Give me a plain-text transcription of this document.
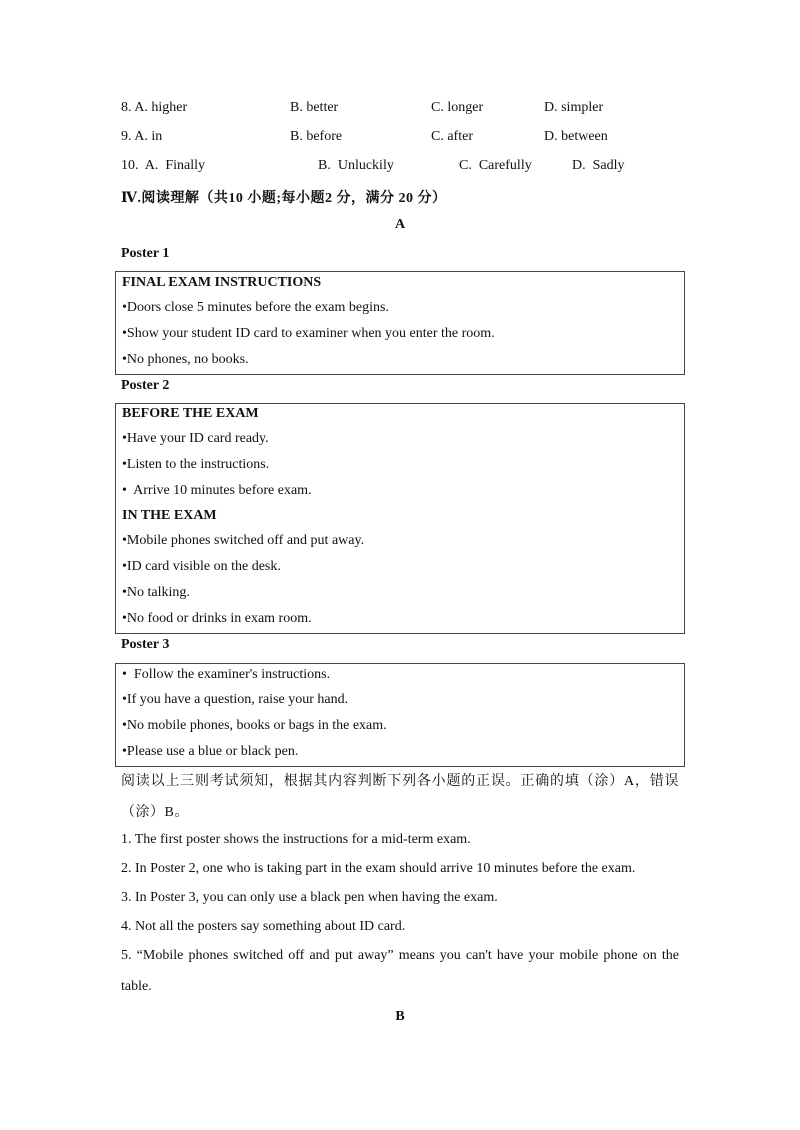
8. A. higher	B. better	C. longer	D. simpler
9. A. in	B. before	C. after	D. between
10.  A.  Finally	B.  Unluckily	C.  Carefully	D.  Sadly
Ⅳ.阅读理解（共10 小题;每小题2 分，满分 20 分）
A
Poster 1
FINAL EXAM INSTRUCTIONS
•Doors close 5 minutes before the exam begins.
•Show your student ID card to examiner when you enter the room.
•No phones, no books.
Poster 2
BEFORE THE EXAM
•Have your ID card ready.
•Listen to the instructions.
•  Arrive 10 minutes before exam.
IN THE EXAM
•Mobile phones switched off and put away.
•ID card visible on the desk.
•No talking.
•No food or drinks in exam room.
Poster 3
•  Follow the examiner's instructions.
•If you have a question, raise your hand.
•No mobile phones, books or bags in the exam.
•Please use a blue or black pen.
阅读以上三则考试须知，根据其内容判断下列各小题的正误。正确的填（涂）A，错误
（涂）B。
1. The first poster shows the instructions for a mid-term exam.
2. In Poster 2, one who is taking part in the exam should arrive 10 minutes before the exam.
3. In Poster 3, you can only use a black pen when having the exam.
4. Not all the posters say something about ID card.
5. “Mobile phones switched off and put away” means you can't have your mobile phone on the
table.
B
